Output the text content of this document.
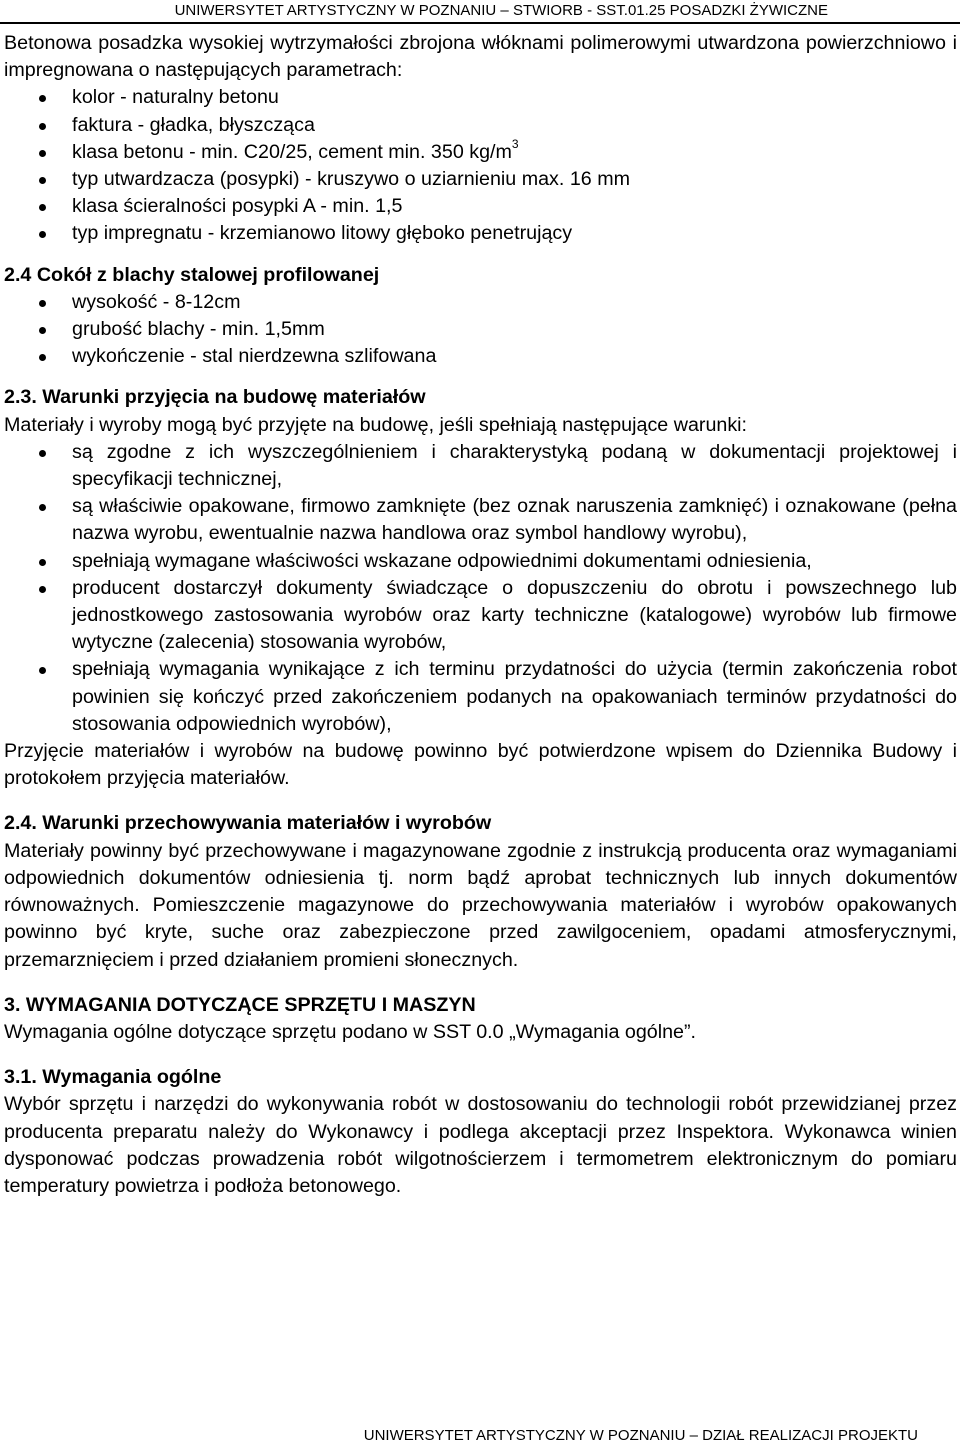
UNIWERSYTET ARTYSTYCZNY W POZNANIU – STWIORB - SST.01.25 POSADZKI ŻYWICZNE

Betonowa posadzka wysokiej wytrzymałości zbrojona włóknami polimerowymi utwardzona powierzchniowo i impregnowana o następujących parametrach:

kolor - naturalny betonu
faktura - gładka, błyszcząca
klasa betonu - min. C20/25, cement min. 350 $kg/m^3$
typ utwardzacza (posypki) - kruszywo o uziarnieniu max. 16 mm
klasa ścieralności posypki A - min. 1,5
typ impregnatu - krzemianowo litowy głęboko penetrujący
2.4 Cokół z blachy stalowej profilowanej
wysokość - 8-12cm
grubość blachy - min. 1,5mm
wykończenie - stal nierdzewna szlifowana
2.3. Warunki przyjęcia na budowę materiałów

Materiały i wyroby mogą być przyjęte na budowę, jeśli spełniają następujące warunki:

są zgodne z ich wyszczególnieniem i charakterystyką podaną w dokumentacji projektowej i specyfikacji technicznej,
są właściwie opakowane, firmowo zamknięte (bez oznak naruszenia zamknięć) i oznakowane (pełna nazwa wyrobu, ewentualnie nazwa handlowa oraz symbol handlowy wyrobu),
spełniają wymagane właściwości wskazane odpowiednimi dokumentami odniesienia,
producent dostarczył dokumenty świadczące o dopuszczeniu do obrotu i powszechnego lub jednostkowego zastosowania wyrobów oraz karty techniczne (katalogowe) wyrobów lub firmowe wytyczne (zalecenia) stosowania wyrobów,
spełniają wymagania wynikające z ich terminu przydatności do użycia (termin zakończenia robot powinien się kończyć przed zakończeniem podanych na opakowaniach terminów przydatności do stosowania odpowiednich wyrobów),

Przyjęcie materiałów i wyrobów na budowę powinno być potwierdzone wpisem do Dziennika Budowy i protokołem przyjęcia materiałów.

2.4. Warunki przechowywania materiałów i wyrobów

Materiały powinny być przechowywane i magazynowane zgodnie z instrukcją producenta oraz wymaganiami odpowiednich dokumentów odniesienia tj. norm bądź aprobat technicznych lub innych dokumentów równoważnych. Pomieszczenie magazynowe do przechowywania materiałów i wyrobów opakowanych powinno być kryte, suche oraz zabezpieczone przed zawilgoceniem, opadami atmosferycznymi, przemarznięciem i przed działaniem promieni słonecznych.

3. WYMAGANIA DOTYCZĄCE SPRZĘTU I MASZYN

Wymagania ogólne dotyczące sprzętu podano w SST 0.0 „Wymagania ogólne”.

3.1. Wymagania ogólne

Wybór sprzętu i narzędzi do wykonywania robót w dostosowaniu do technologii robót przewidzianej przez producenta preparatu należy do Wykonawcy i podlega akceptacji przez Inspektora. Wykonawca winien dysponować podczas prowadzenia robót wilgotnościerzem i termometrem elektronicznym do pomiaru temperatury powietrza i podłoża betonowego.

UNIWERSYTET ARTYSTYCZNY W POZNANIU – DZIAŁ REALIZACJI PROJEKTU
